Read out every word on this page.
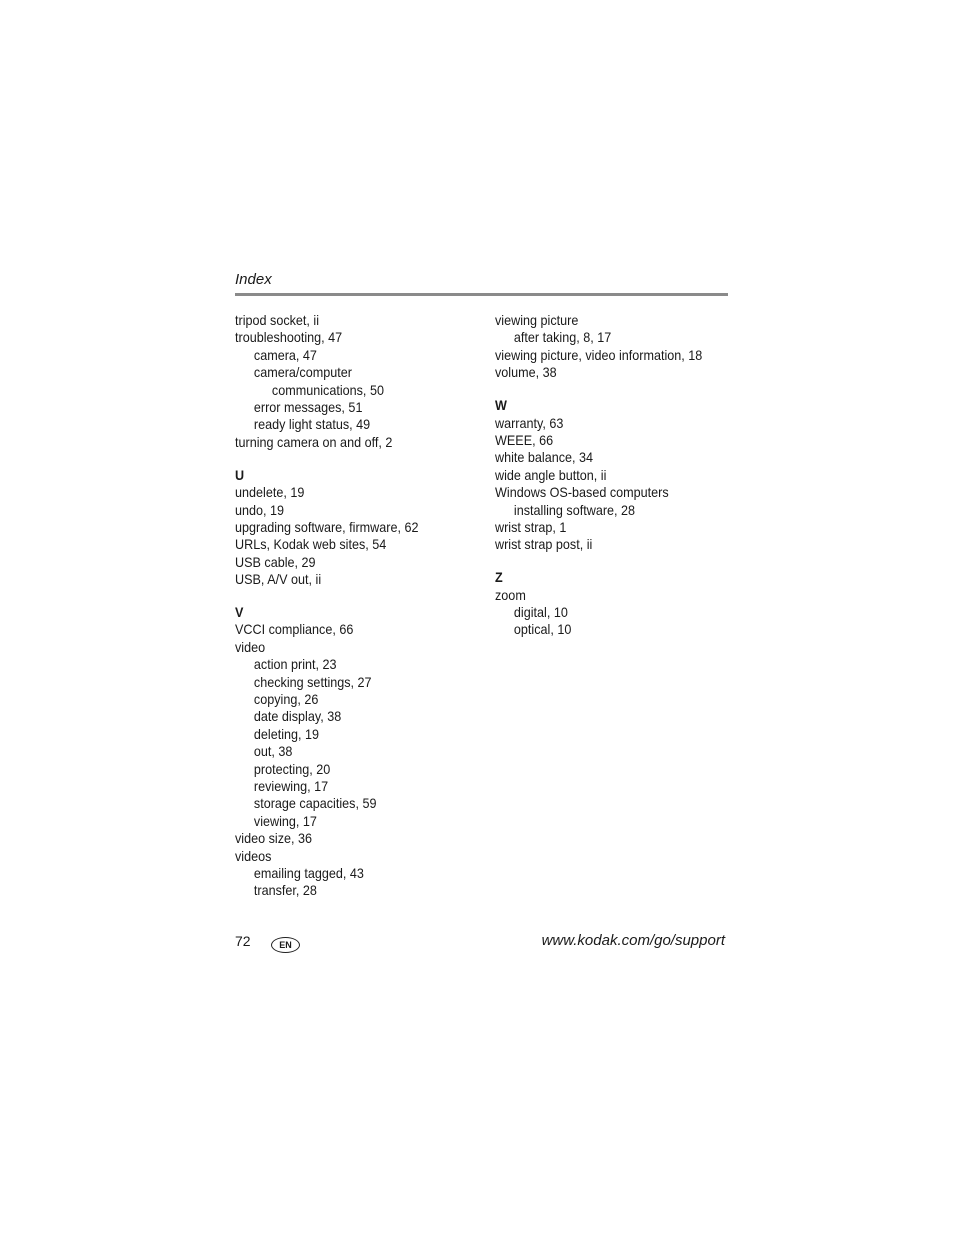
Index
tripod socket, ii
troubleshooting, 47
camera, 47
camera/computer
communications, 50
error messages, 51
ready light status, 49
turning camera on and off, 2
U
undelete, 19
undo, 19
upgrading software, firmware, 62
URLs, Kodak web sites, 54
USB cable, 29
USB, A/V out, ii
V
VCCI compliance, 66
video
action print, 23
checking settings, 27
copying, 26
date display, 38
deleting, 19
out, 38
protecting, 20
reviewing, 17
storage capacities, 59
viewing, 17
video size, 36
videos
emailing tagged, 43
transfer, 28
viewing picture
after taking, 8, 17
viewing picture, video information, 18
volume, 38
W
warranty, 63
WEEE, 66
white balance, 34
wide angle button, ii
Windows OS-based computers
installing software, 28
wrist strap, 1
wrist strap post, ii
Z
zoom
digital, 10
optical, 10
72	EN	www.kodak.com/go/support
